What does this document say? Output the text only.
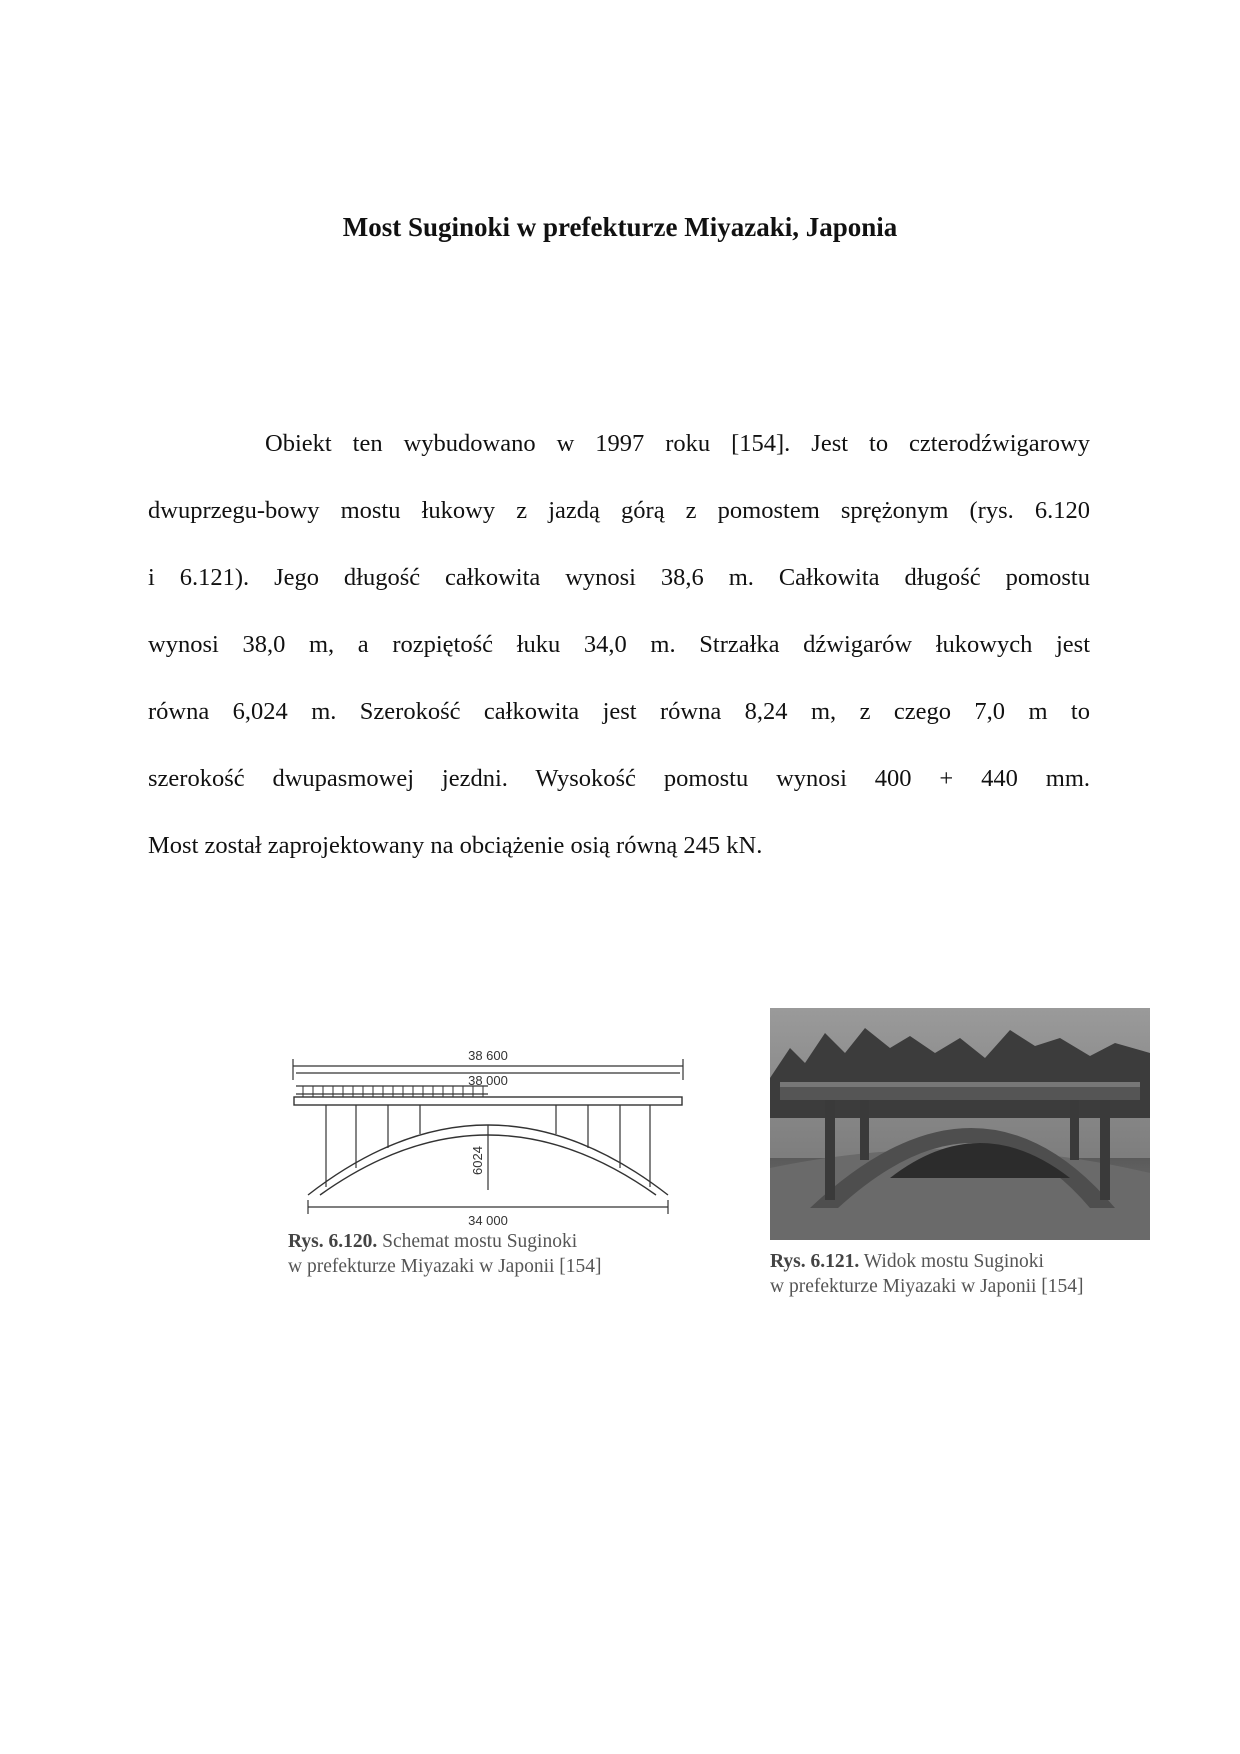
Most Suginoki w prefekturze Miyazaki, Japonia
Obiekt ten wybudowano w 1997 roku [154]. Jest to czterodźwigarowy
dwuprzegu-bowy mostu łukowy z jazdą górą z pomostem sprężonym (rys. 6.120
i 6.121). Jego długość całkowita wynosi 38,6 m. Całkowita długość pomostu
wynosi 38,0 m, a rozpiętość łuku 34,0 m. Strzałka dźwigarów łukowych jest
równa 6,024 m. Szerokość całkowita jest równa 8,24 m, z czego 7,0 m to
szerokość dwupasmowej jezdni. Wysokość pomostu wynosi 400 + 440 mm.
Most został zaprojektowany na obciążenie osią równą 245 kN.
38 600
38 000
6024
34 000
Rys. 6.120. Schemat mostu Suginoki
w prefekturze Miyazaki w Japonii [154]	Rys. 6.121. Widok mostu Suginoki
w prefekturze Miyazaki w Japonii [154]
